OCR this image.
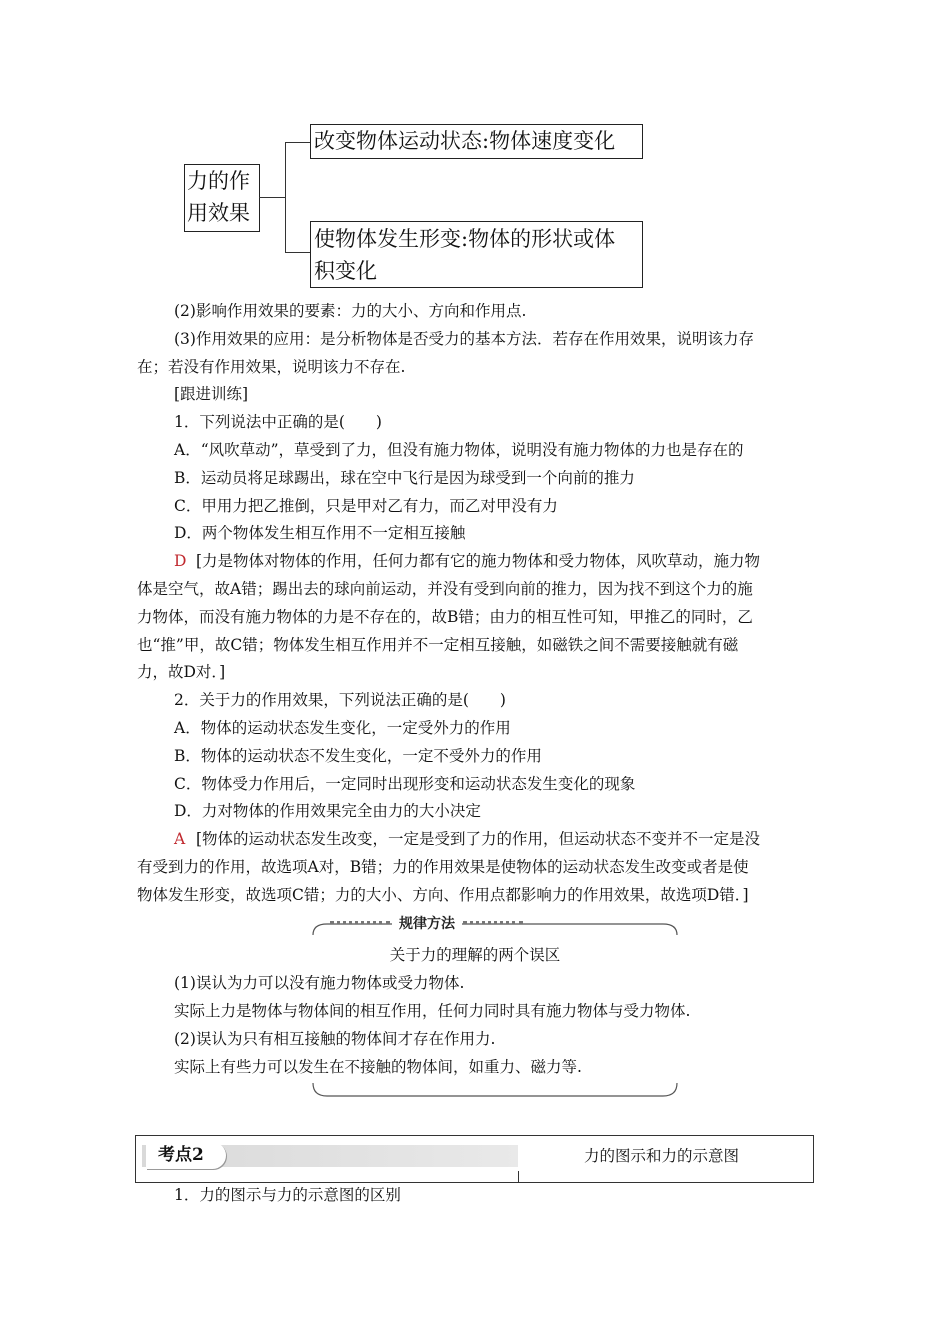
力的作
用效果
改变物体运动状态:物体速度变化
使物体发生形变:物体的形状或体
积变化
(2)影响作用效果的要素：力的大小、方向和作用点.
(3)作用效果的应用：是分析物体是否受力的基本方法．若存在作用效果，说明该力存
在；若没有作用效果，说明该力不存在.
[跟进训练]
1．下列说法中正确的是(　　)
A．“风吹草动”，草受到了力，但没有施力物体，说明没有施力物体的力也是存在的
B．运动员将足球踢出，球在空中飞行是因为球受到一个向前的推力
C．甲用力把乙推倒，只是甲对乙有力，而乙对甲没有力
D．两个物体发生相互作用不一定相互接触
D [力是物体对物体的作用，任何力都有它的施力物体和受力物体，风吹草动，施力物
体是空气，故A错；踢出去的球向前运动，并没有受到向前的推力，因为找不到这个力的施
力物体，而没有施力物体的力是不存在的，故B错；由力的相互性可知，甲推乙的同时，乙
也“推”甲，故C错；物体发生相互作用并不一定相互接触，如磁铁之间不需要接触就有磁
力，故D对．]
2．关于力的作用效果，下列说法正确的是(　　)
A．物体的运动状态发生变化，一定受外力的作用
B．物体的运动状态不发生变化，一定不受外力的作用
C．物体受力作用后，一定同时出现形变和运动状态发生变化的现象
D．力对物体的作用效果完全由力的大小决定
A [物体的运动状态发生改变，一定是受到了力的作用，但运动状态不变并不一定是没
有受到力的作用，故选项A对，B错；力的作用效果是使物体的运动状态发生改变或者是使
物体发生形变，故选项C错；力的大小、方向、作用点都影响力的作用效果，故选项D错．]
规律方法
关于力的理解的两个误区
(1)误认为力可以没有施力物体或受力物体.
实际上力是物体与物体间的相互作用，任何力同时具有施力物体与受力物体.
(2)误认为只有相互接触的物体间才存在作用力.
实际上有些力可以发生在不接触的物体间，如重力、磁力等.
考点2	力的图示和力的示意图
1．力的图示与力的示意图的区别
